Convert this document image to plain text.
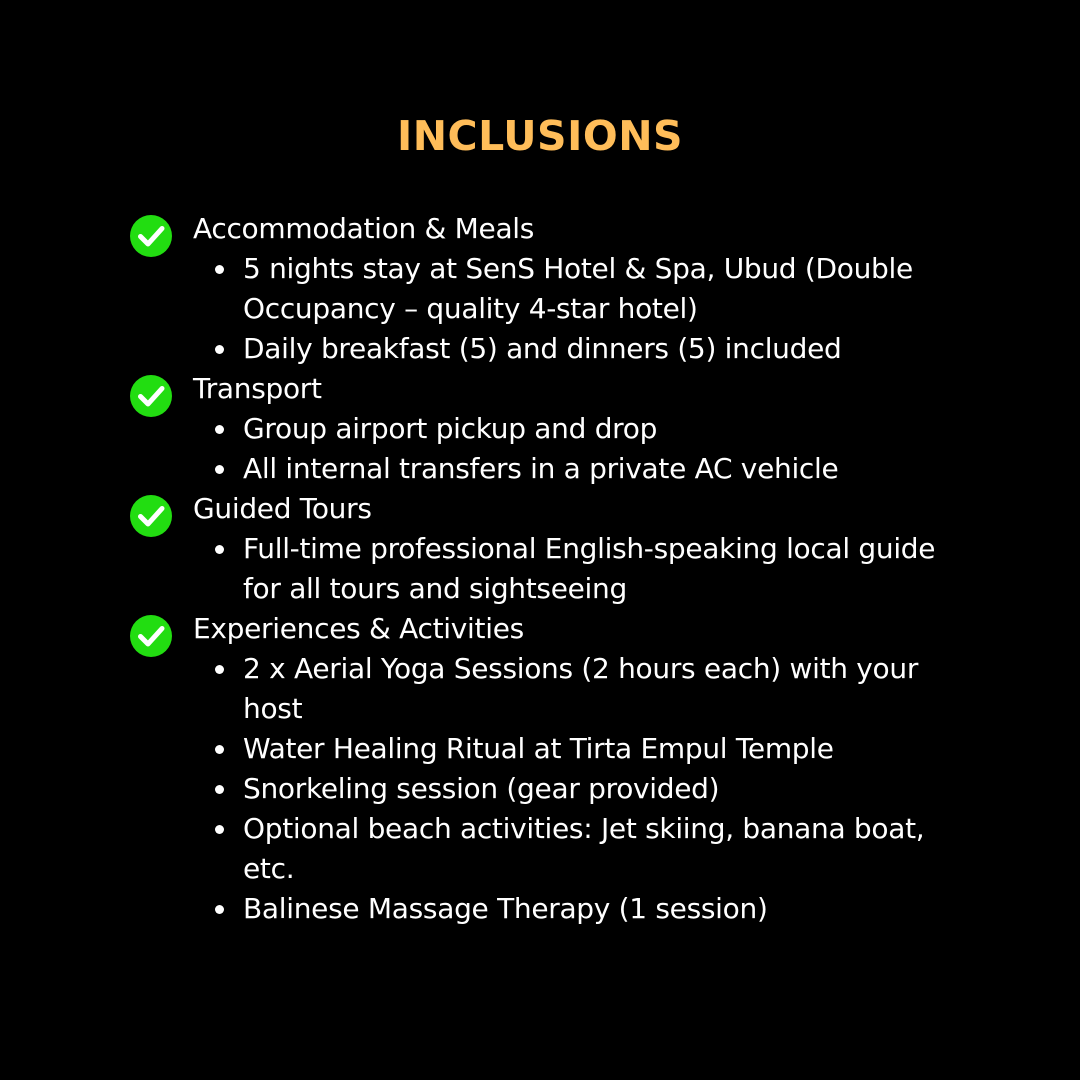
INCLUSIONS
Accommodation & Meals
5 nights stay at SenS Hotel & Spa, Ubud (Double Occupancy – quality 4-star hotel)
Daily breakfast (5) and dinners (5) included
Transport
Group airport pickup and drop
All internal transfers in a private AC vehicle
Guided Tours
Full-time professional English-speaking local guide for all tours and sightseeing
Experiences & Activities
2 x Aerial Yoga Sessions (2 hours each) with your host
Water Healing Ritual at Tirta Empul Temple
Snorkeling session (gear provided)
Optional beach activities: Jet skiing, banana boat, etc.
Balinese Massage Therapy (1 session)
